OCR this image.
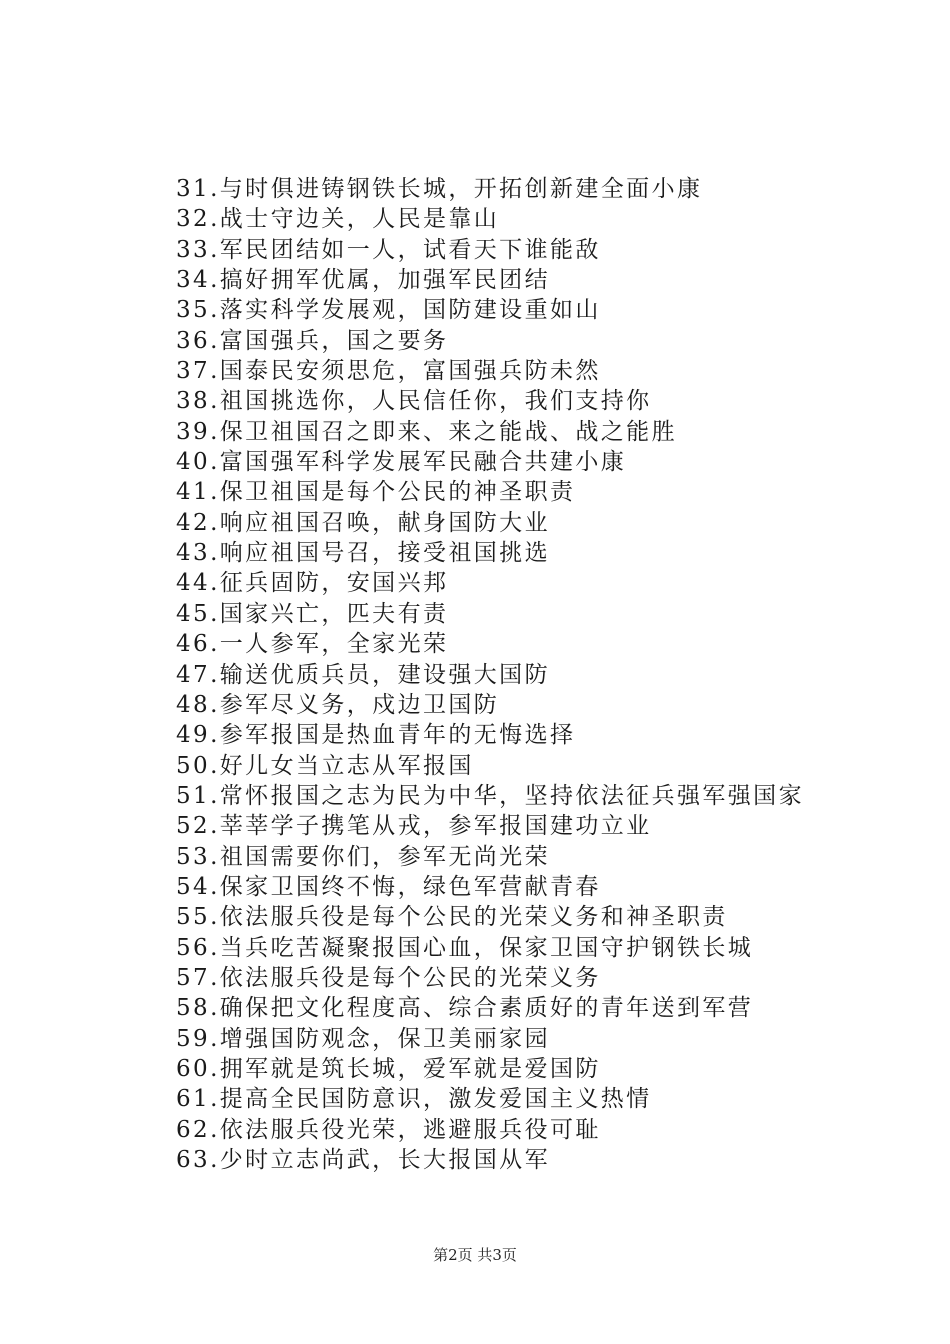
31.与时俱进铸钢铁长城，开拓创新建全面小康
32.战士守边关，人民是靠山
33.军民团结如一人，试看天下谁能敌
34.搞好拥军优属，加强军民团结
35.落实科学发展观，国防建设重如山
36.富国强兵，国之要务
37.国泰民安须思危，富国强兵防未然
38.祖国挑选你，人民信任你，我们支持你
39.保卫祖国召之即来、来之能战、战之能胜
40.富国强军科学发展军民融合共建小康
41.保卫祖国是每个公民的神圣职责
42.响应祖国召唤，献身国防大业
43.响应祖国号召，接受祖国挑选
44.征兵固防，安国兴邦
45.国家兴亡，匹夫有责
46.一人参军，全家光荣
47.输送优质兵员，建设强大国防
48.参军尽义务，戍边卫国防
49.参军报国是热血青年的无悔选择
50.好儿女当立志从军报国
51.常怀报国之志为民为中华，坚持依法征兵强军强国家
52.莘莘学子携笔从戎，参军报国建功立业
53.祖国需要你们，参军无尚光荣
54.保家卫国终不悔，绿色军营献青春
55.依法服兵役是每个公民的光荣义务和神圣职责
56.当兵吃苦凝聚报国心血，保家卫国守护钢铁长城
57.依法服兵役是每个公民的光荣义务
58.确保把文化程度高、综合素质好的青年送到军营
59.增强国防观念，保卫美丽家园
60.拥军就是筑长城，爱军就是爱国防
61.提高全民国防意识，激发爱国主义热情
62.依法服兵役光荣，逃避服兵役可耻
63.少时立志尚武，长大报国从军
第2页 共3页
